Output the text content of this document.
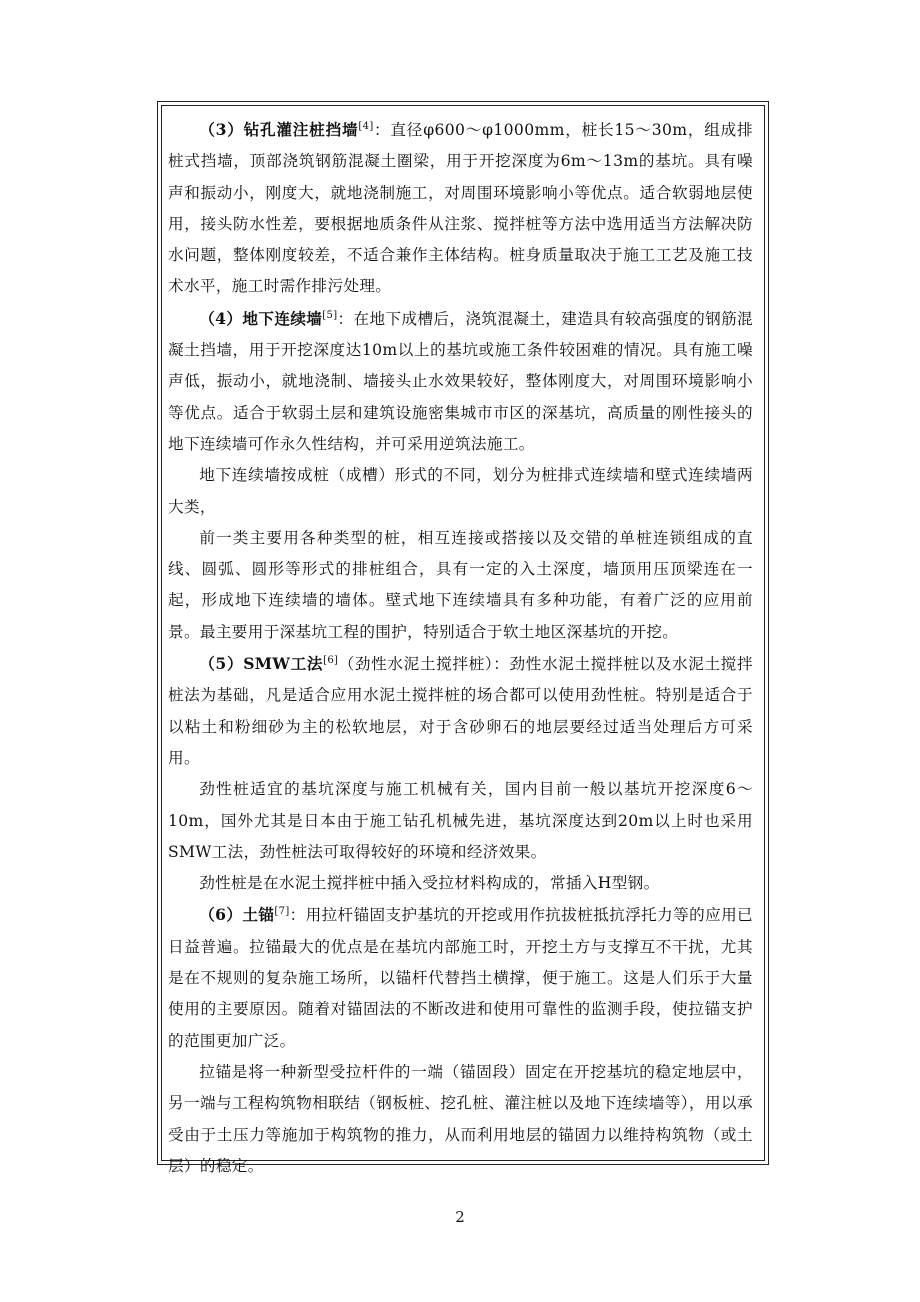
（3）钻孔灌注桩挡墙[4]：直径φ600～φ1000mm，桩长15～30m，组成排桩式挡墙，顶部浇筑钢筋混凝土圈梁，用于开挖深度为6m～13m的基坑。具有噪声和振动小，刚度大，就地浇制施工，对周围环境影响小等优点。适合软弱地层使用，接头防水性差，要根据地质条件从注浆、搅拌桩等方法中选用适当方法解决防水问题，整体刚度较差，不适合兼作主体结构。桩身质量取决于施工工艺及施工技术水平，施工时需作排污处理。

（4）地下连续墙[5]：在地下成槽后，浇筑混凝土，建造具有较高强度的钢筋混凝土挡墙，用于开挖深度达10m以上的基坑或施工条件较困难的情况。具有施工噪声低，振动小，就地浇制、墙接头止水效果较好，整体刚度大，对周围环境影响小等优点。适合于软弱土层和建筑设施密集城市市区的深基坑，高质量的刚性接头的地下连续墙可作永久性结构，并可采用逆筑法施工。

地下连续墙按成桩（成槽）形式的不同，划分为桩排式连续墙和壁式连续墙两大类，

前一类主要用各种类型的桩，相互连接或搭接以及交错的单桩连锁组成的直线、圆弧、圆形等形式的排桩组合，具有一定的入土深度，墙顶用压顶梁连在一起，形成地下连续墙的墙体。壁式地下连续墙具有多种功能，有着广泛的应用前景。最主要用于深基坑工程的围护，特别适合于软土地区深基坑的开挖。

（5）SMW工法[6]（劲性水泥土搅拌桩）：劲性水泥土搅拌桩以及水泥土搅拌桩法为基础，凡是适合应用水泥土搅拌桩的场合都可以使用劲性桩。特别是适合于以粘土和粉细砂为主的松软地层，对于含砂卵石的地层要经过适当处理后方可采用。

劲性桩适宜的基坑深度与施工机械有关，国内目前一般以基坑开挖深度6～10m，国外尤其是日本由于施工钻孔机械先进，基坑深度达到20m以上时也采用SMW工法，劲性桩法可取得较好的环境和经济效果。

劲性桩是在水泥土搅拌桩中插入受拉材料构成的，常插入H型钢。

（6）土锚[7]：用拉杆锚固支护基坑的开挖或用作抗拔桩抵抗浮托力等的应用已日益普遍。拉锚最大的优点是在基坑内部施工时，开挖土方与支撑互不干扰，尤其是在不规则的复杂施工场所，以锚杆代替挡土横撑，便于施工。这是人们乐于大量使用的主要原因。随着对锚固法的不断改进和使用可靠性的监测手段，使拉锚支护的范围更加广泛。

拉锚是将一种新型受拉杆件的一端（锚固段）固定在开挖基坑的稳定地层中，另一端与工程构筑物相联结（钢板桩、挖孔桩、灌注桩以及地下连续墙等），用以承受由于土压力等施加于构筑物的推力，从而利用地层的锚固力以维持构筑物（或土层）的稳定。

2
